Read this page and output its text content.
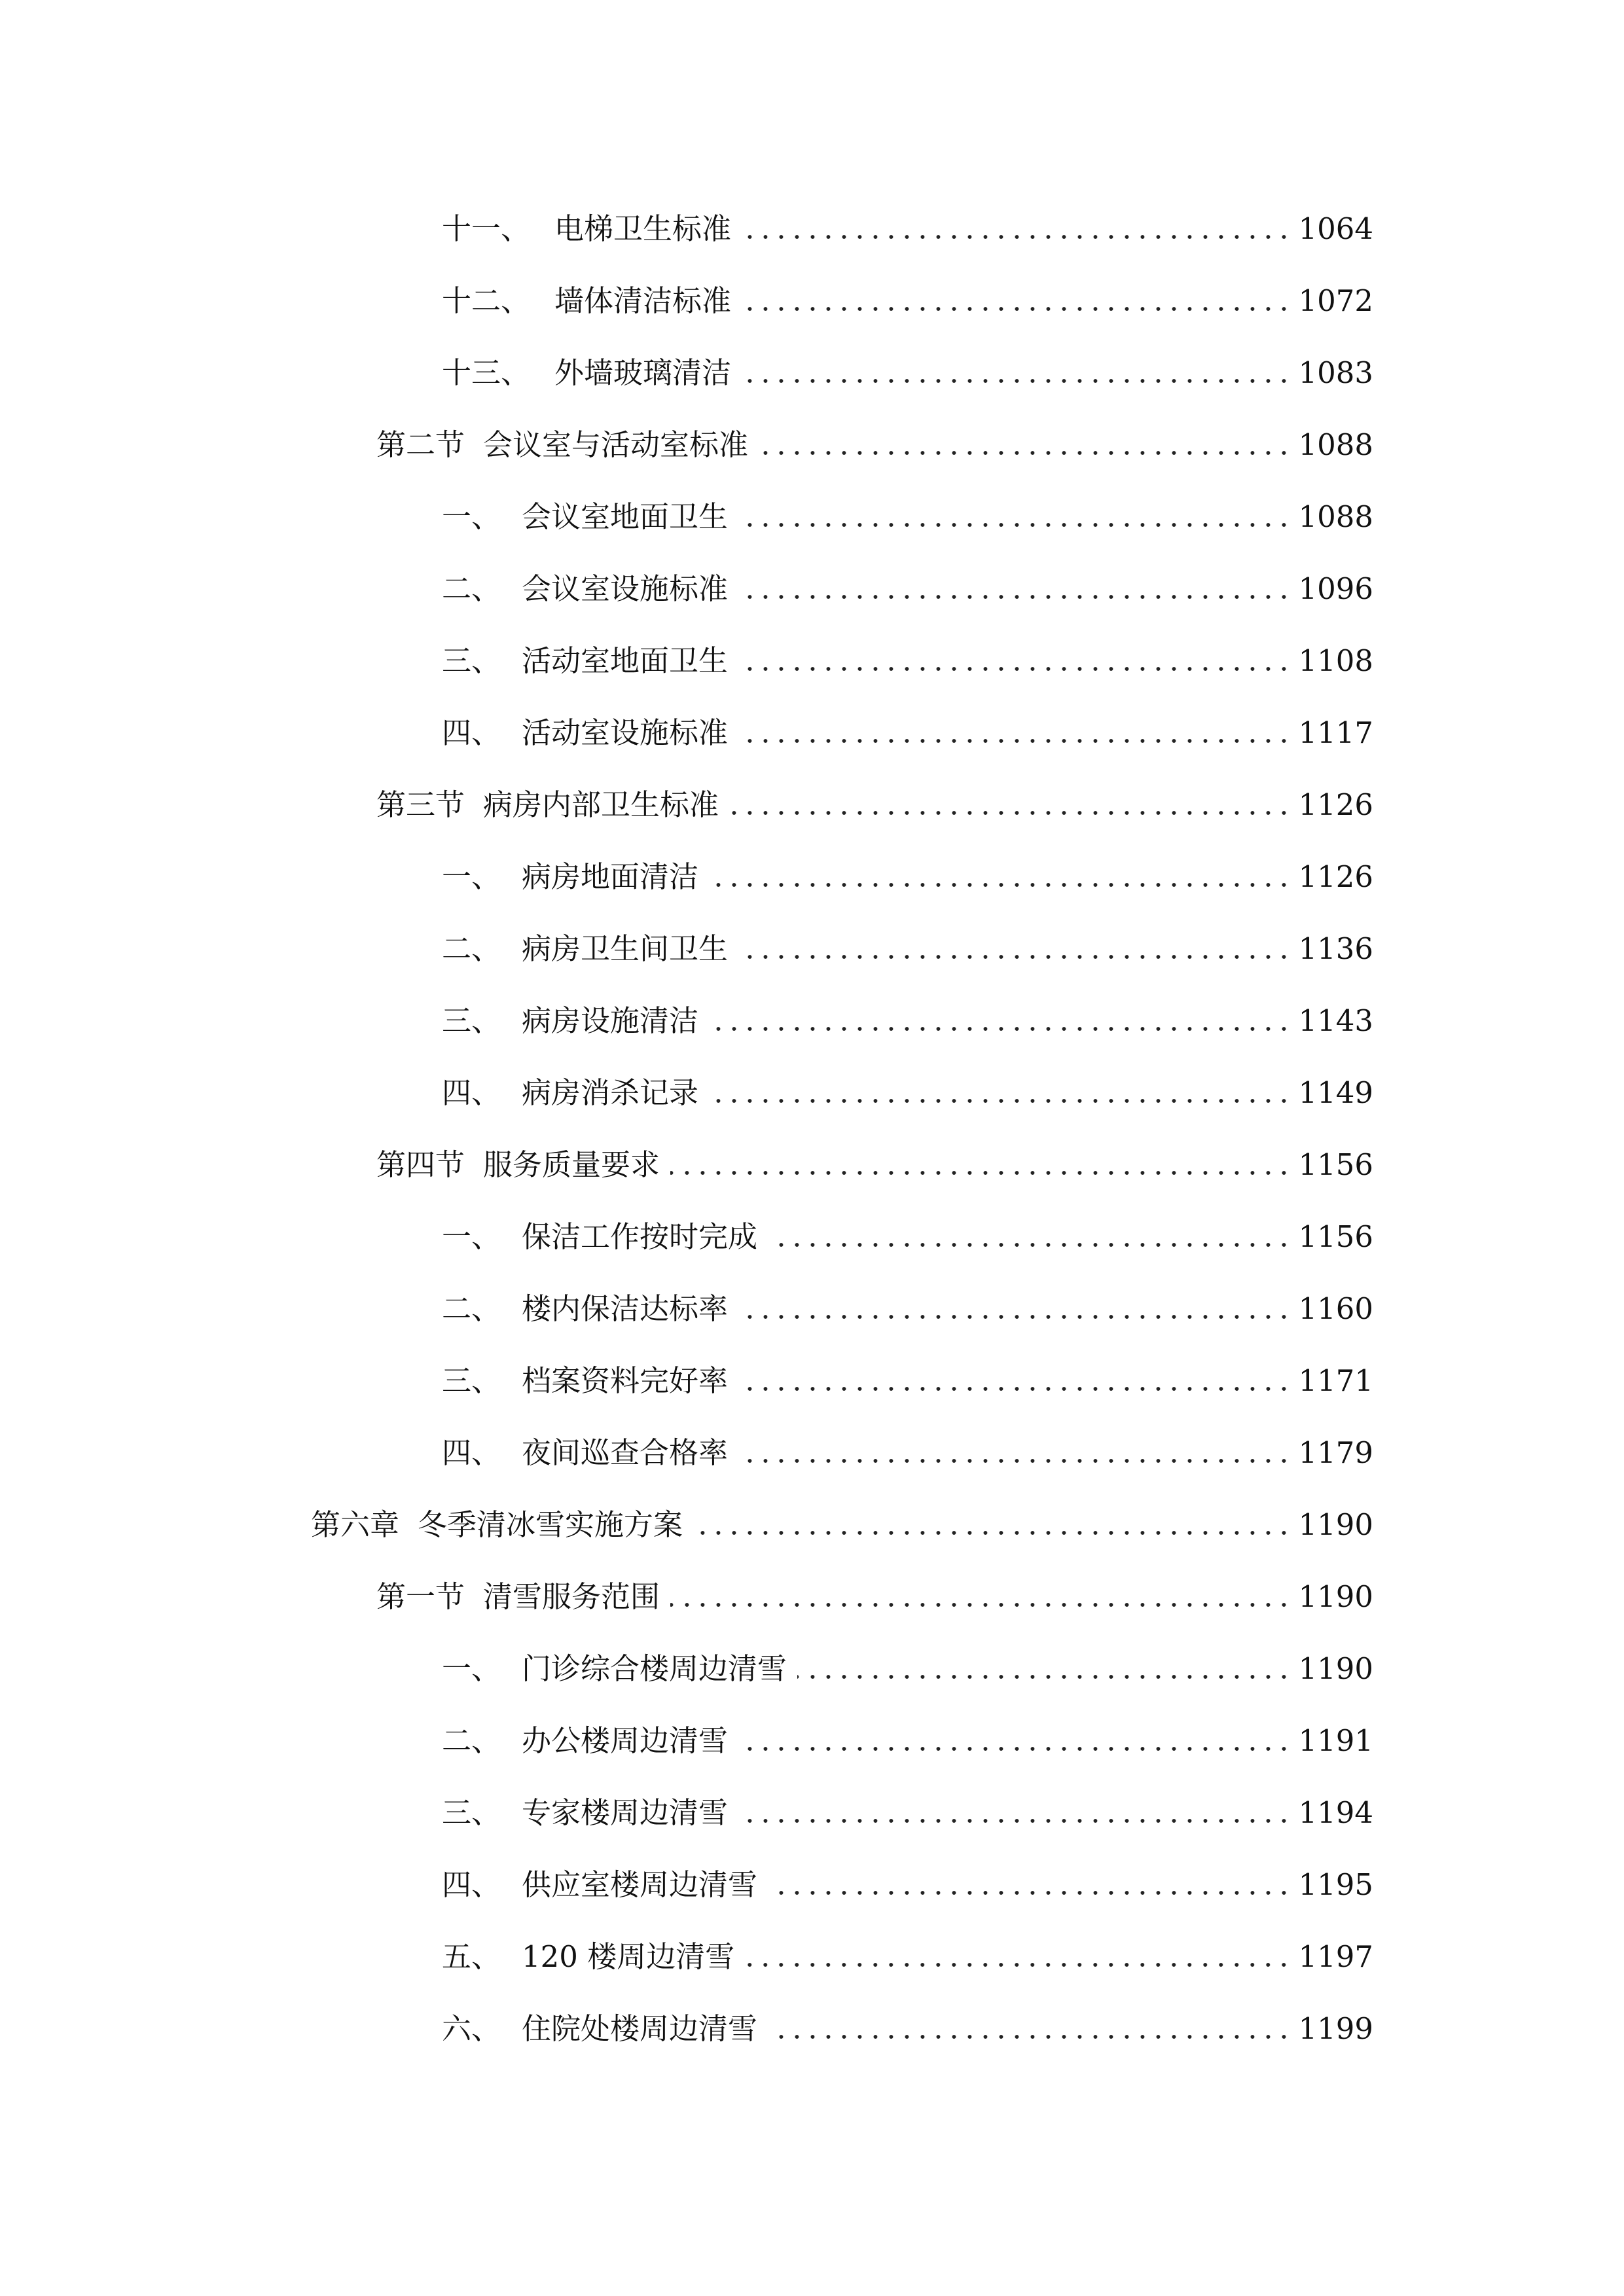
十一、 电梯卫生标准	1064
十二、 墙体清洁标准	1072
十三、 外墙玻璃清洁	1083
第二节 会议室与活动室标准	1088
一、 会议室地面卫生	1088
二、 会议室设施标准	1096
三、 活动室地面卫生	1108
四、 活动室设施标准	1117
第三节 病房内部卫生标准	1126
一、 病房地面清洁	1126
二、 病房卫生间卫生	1136
三、 病房设施清洁	1143
四、 病房消杀记录	1149
第四节 服务质量要求	1156
一、 保洁工作按时完成	1156
二、 楼内保洁达标率	1160
三、 档案资料完好率	1171
四、 夜间巡查合格率	1179
第六章 冬季清冰雪实施方案	1190
第一节 清雪服务范围	1190
一、 门诊综合楼周边清雪	1190
二、 办公楼周边清雪	1191
三、 专家楼周边清雪	1194
四、 供应室楼周边清雪	1195
五、 120 楼周边清雪	1197
六、 住院处楼周边清雪	1199
